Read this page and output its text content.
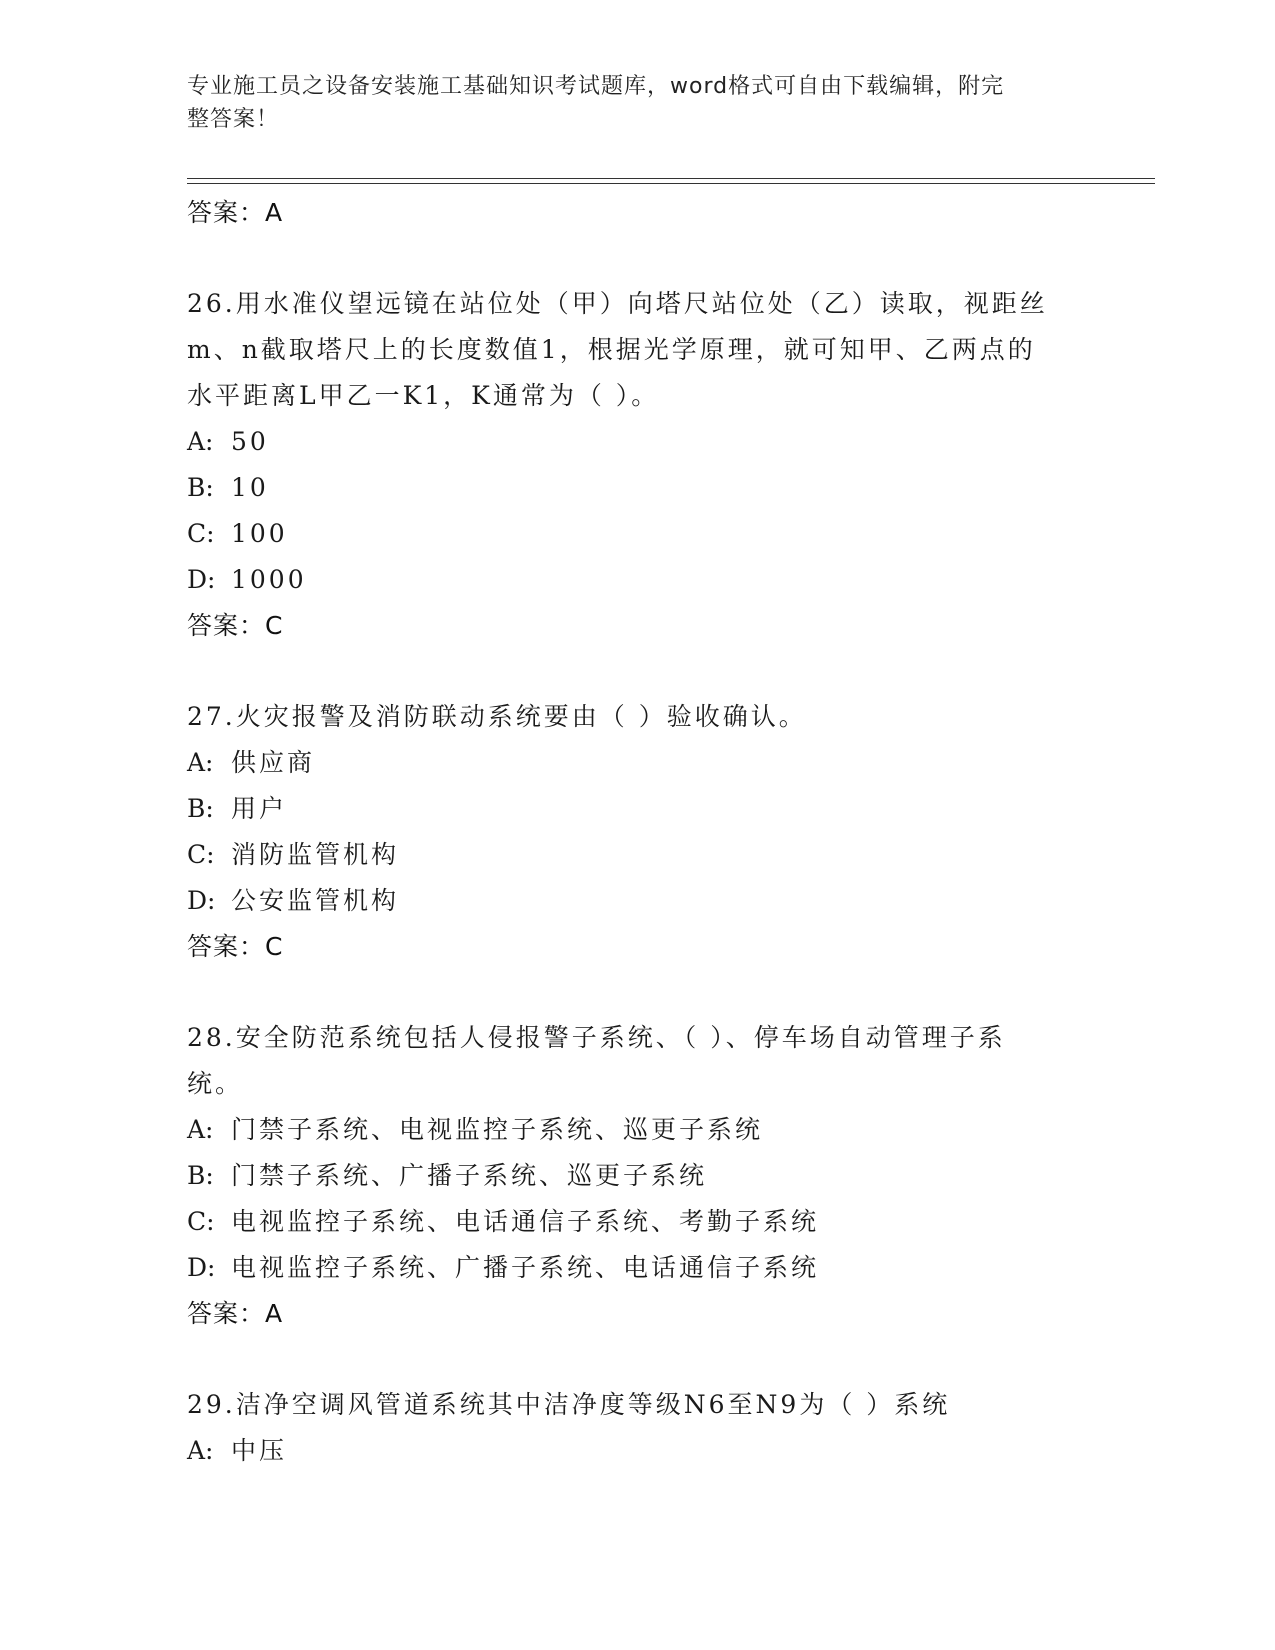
专业施工员之设备安装施工基础知识考试题库，word格式可自由下载编辑，附完
整答案！
答案：A
26.用水准仪望远镜在站位处（甲）向塔尺站位处（乙）读取，视距丝
m、n截取塔尺上的长度数值1，根据光学原理，就可知甲、乙两点的
水平距离L甲乙一K1，K通常为（ ）。
A: 50
B: 10
C: 100
D: 1000
答案：C
27.火灾报警及消防联动系统要由（ ）验收确认。
A: 供应商
B: 用户
C: 消防监管机构
D: 公安监管机构
答案：C
28.安全防范系统包括人侵报警子系统、（ ）、停车场自动管理子系
统。
A: 门禁子系统、电视监控子系统、巡更子系统
B: 门禁子系统、广播子系统、巡更子系统
C: 电视监控子系统、电话通信子系统、考勤子系统
D: 电视监控子系统、广播子系统、电话通信子系统
答案：A
29.洁净空调风管道系统其中洁净度等级N6至N9为（ ）系统
A: 中压
